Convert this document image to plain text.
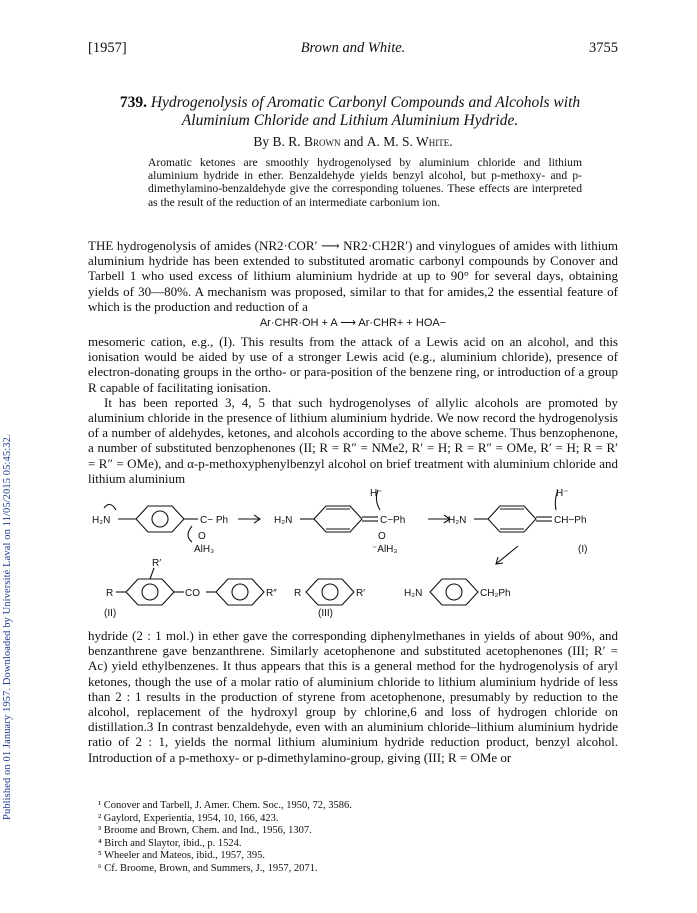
Published on 01 January 1957. Downloaded by Université Laval on 11/05/2015 05:45:32.
[1957]	Brown and White.	3755
739. Hydrogenolysis of Aromatic Carbonyl Compounds and Alcohols with Aluminium Chloride and Lithium Aluminium Hydride.
By B. R. Brown and A. M. S. White.
Aromatic ketones are smoothly hydrogenolysed by aluminium chloride and lithium aluminium hydride in ether. Benzaldehyde yields benzyl alcohol, but p-methoxy- and p-dimethylamino-benzaldehyde give the corresponding toluenes. These effects are interpreted as the result of the reduction of an intermediate carbonium ion.

THE hydrogenolysis of amides (NR2·COR′ ⟶ NR2·CH2R′) and vinylogues of amides with lithium aluminium hydride has been extended to substituted aromatic carbonyl compounds by Conover and Tarbell 1 who used excess of lithium aluminium hydride at up to 90° for several days, obtaining yields of 30—80%. A mechanism was proposed, similar to that for amides,2 the essential feature of which is the production and reduction of a

Ar·CHR·OH + A ⟶ Ar·CHR+ + HOA−

mesomeric cation, e.g., (I). This results from the attack of a Lewis acid on an alcohol, and this ionisation would be aided by use of a stronger Lewis acid (e.g., aluminium chloride), presence of electron-donating groups in the ortho- or para-position of the benzene ring, or introduction of a group R capable of facilitating ionisation.

It has been reported 3, 4, 5 that such hydrogenolyses of allylic alcohols are promoted by aluminium chloride in the presence of lithium aluminium hydride. We now record the hydrogenolysis of a number of aldehydes, ketones, and alcohols according to the above scheme. Thus benzophenone, a number of substituted benzophenones (II; R = R″ = NMe2, R′ = H; R = R″ = OMe, R′ = H; R = R′ = R″ = OMe), and α-p-methoxyphenylbenzyl alcohol on brief treatment with aluminium chloride and lithium aluminium

H₂N	C− Ph
O
AlH₃
H⁻
H₂N	C−Ph
O
⁻AlH₃
H⁻
H₂N	CH−Ph
(I)
R
R′
CO	R″ R	R′	H₂N	CH₂Ph
(II)	(III)

hydride (2 : 1 mol.) in ether gave the corresponding diphenylmethanes in yields of about 90%, and benzanthrene gave benzanthrene. Similarly acetophenone and substituted acetophenones (III; R′ = Ac) yield ethylbenzenes. It thus appears that this is a general method for the hydrogenolysis of aryl ketones, though the use of a molar ratio of aluminium chloride to lithium aluminium hydride of less than 2 : 1 results in the production of styrene from acetophenone, presumably by reduction to the alcohol, replacement of the hydroxyl group by chlorine,6 and loss of hydrogen chloride on distillation.3 In contrast benzaldehyde, even with an aluminium chloride–lithium aluminium hydride ratio of 2 : 1, yields the normal lithium aluminium hydride reduction product, benzyl alcohol. Introduction of a p-methoxy- or p-dimethylamino-group, giving (III; R = OMe or

¹ Conover and Tarbell, J. Amer. Chem. Soc., 1950, 72, 3586.
² Gaylord, Experientia, 1954, 10, 166, 423.
³ Broome and Brown, Chem. and Ind., 1956, 1307.
⁴ Birch and Slaytor, ibid., p. 1524.
⁵ Wheeler and Mateos, ibid., 1957, 395.
⁶ Cf. Broome, Brown, and Summers, J., 1957, 2071.
